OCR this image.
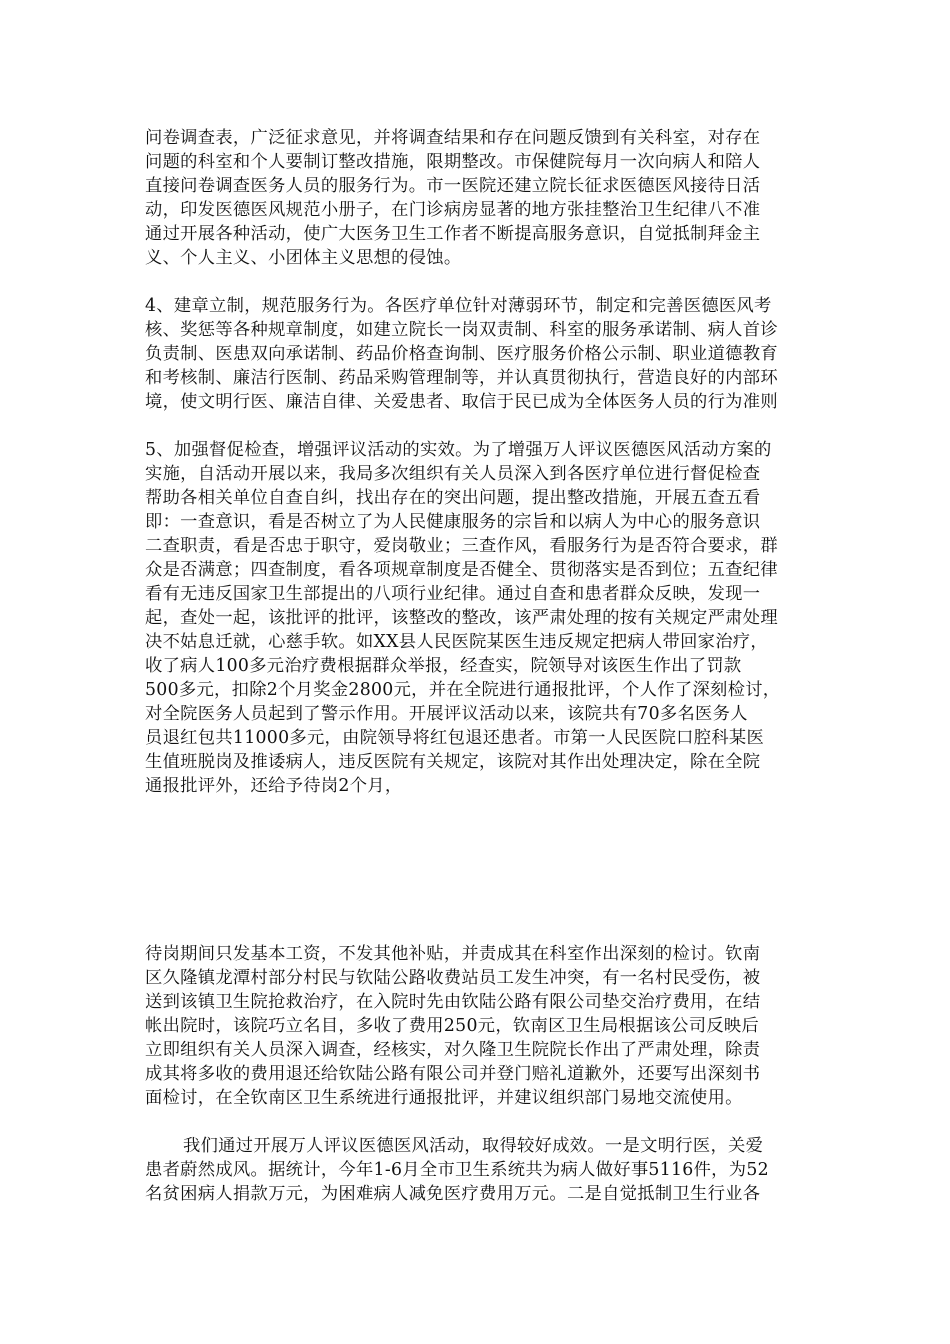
问卷调查表，广泛征求意见，并将调查结果和存在问题反馈到有关科室，对存在
问题的科室和个人要制订整改措施，限期整改。市保健院每月一次向病人和陪人
直接问卷调查医务人员的服务行为。市一医院还建立院长征求医德医风接待日活
动，印发医德医风规范小册子，在门诊病房显著的地方张挂整治卫生纪律八不准
通过开展各种活动，使广大医务卫生工作者不断提高服务意识，自觉抵制拜金主
义、个人主义、小团体主义思想的侵蚀。
4、建章立制，规范服务行为。各医疗单位针对薄弱环节，制定和完善医德医风考
核、奖惩等各种规章制度，如建立院长一岗双责制、科室的服务承诺制、病人首诊
负责制、医患双向承诺制、药品价格查询制、医疗服务价格公示制、职业道德教育
和考核制、廉洁行医制、药品采购管理制等，并认真贯彻执行，营造良好的内部环
境，使文明行医、廉洁自律、关爱患者、取信于民已成为全体医务人员的行为准则
5、加强督促检查，增强评议活动的实效。为了增强万人评议医德医风活动方案的
实施，自活动开展以来，我局多次组织有关人员深入到各医疗单位进行督促检查
帮助各相关单位自查自纠，找出存在的突出问题，提出整改措施，开展五查五看
即：一查意识，看是否树立了为人民健康服务的宗旨和以病人为中心的服务意识
二查职责，看是否忠于职守，爱岗敬业；三查作风，看服务行为是否符合要求，群
众是否满意；四查制度，看各项规章制度是否健全、贯彻落实是否到位；五查纪律
看有无违反国家卫生部提出的八项行业纪律。通过自查和患者群众反映，发现一
起，查处一起，该批评的批评，该整改的整改，该严肃处理的按有关规定严肃处理
决不姑息迁就，心慈手软。如XX县人民医院某医生违反规定把病人带回家治疗，
收了病人100多元治疗费根据群众举报，经查实，院领导对该医生作出了罚款
500多元，扣除2个月奖金2800元，并在全院进行通报批评，个人作了深刻检讨，
对全院医务人员起到了警示作用。开展评议活动以来，该院共有70多名医务人
员退红包共11000多元，由院领导将红包退还患者。市第一人民医院口腔科某医
生值班脱岗及推诿病人，违反医院有关规定，该院对其作出处理决定，除在全院
通报批评外，还给予待岗2个月，
待岗期间只发基本工资，不发其他补贴，并责成其在科室作出深刻的检讨。钦南
区久隆镇龙潭村部分村民与钦陆公路收费站员工发生冲突，有一名村民受伤，被
送到该镇卫生院抢救治疗，在入院时先由钦陆公路有限公司垫交治疗费用，在结
帐出院时，该院巧立名目，多收了费用250元，钦南区卫生局根据该公司反映后
立即组织有关人员深入调查，经核实，对久隆卫生院院长作出了严肃处理，除责
成其将多收的费用退还给钦陆公路有限公司并登门赔礼道歉外，还要写出深刻书
面检讨，在全钦南区卫生系统进行通报批评，并建议组织部门易地交流使用。
我们通过开展万人评议医德医风活动，取得较好成效。一是文明行医，关爱
患者蔚然成风。据统计，今年1-6月全市卫生系统共为病人做好事5116件，为52
名贫困病人捐款万元，为困难病人减免医疗费用万元。二是自觉抵制卫生行业各
